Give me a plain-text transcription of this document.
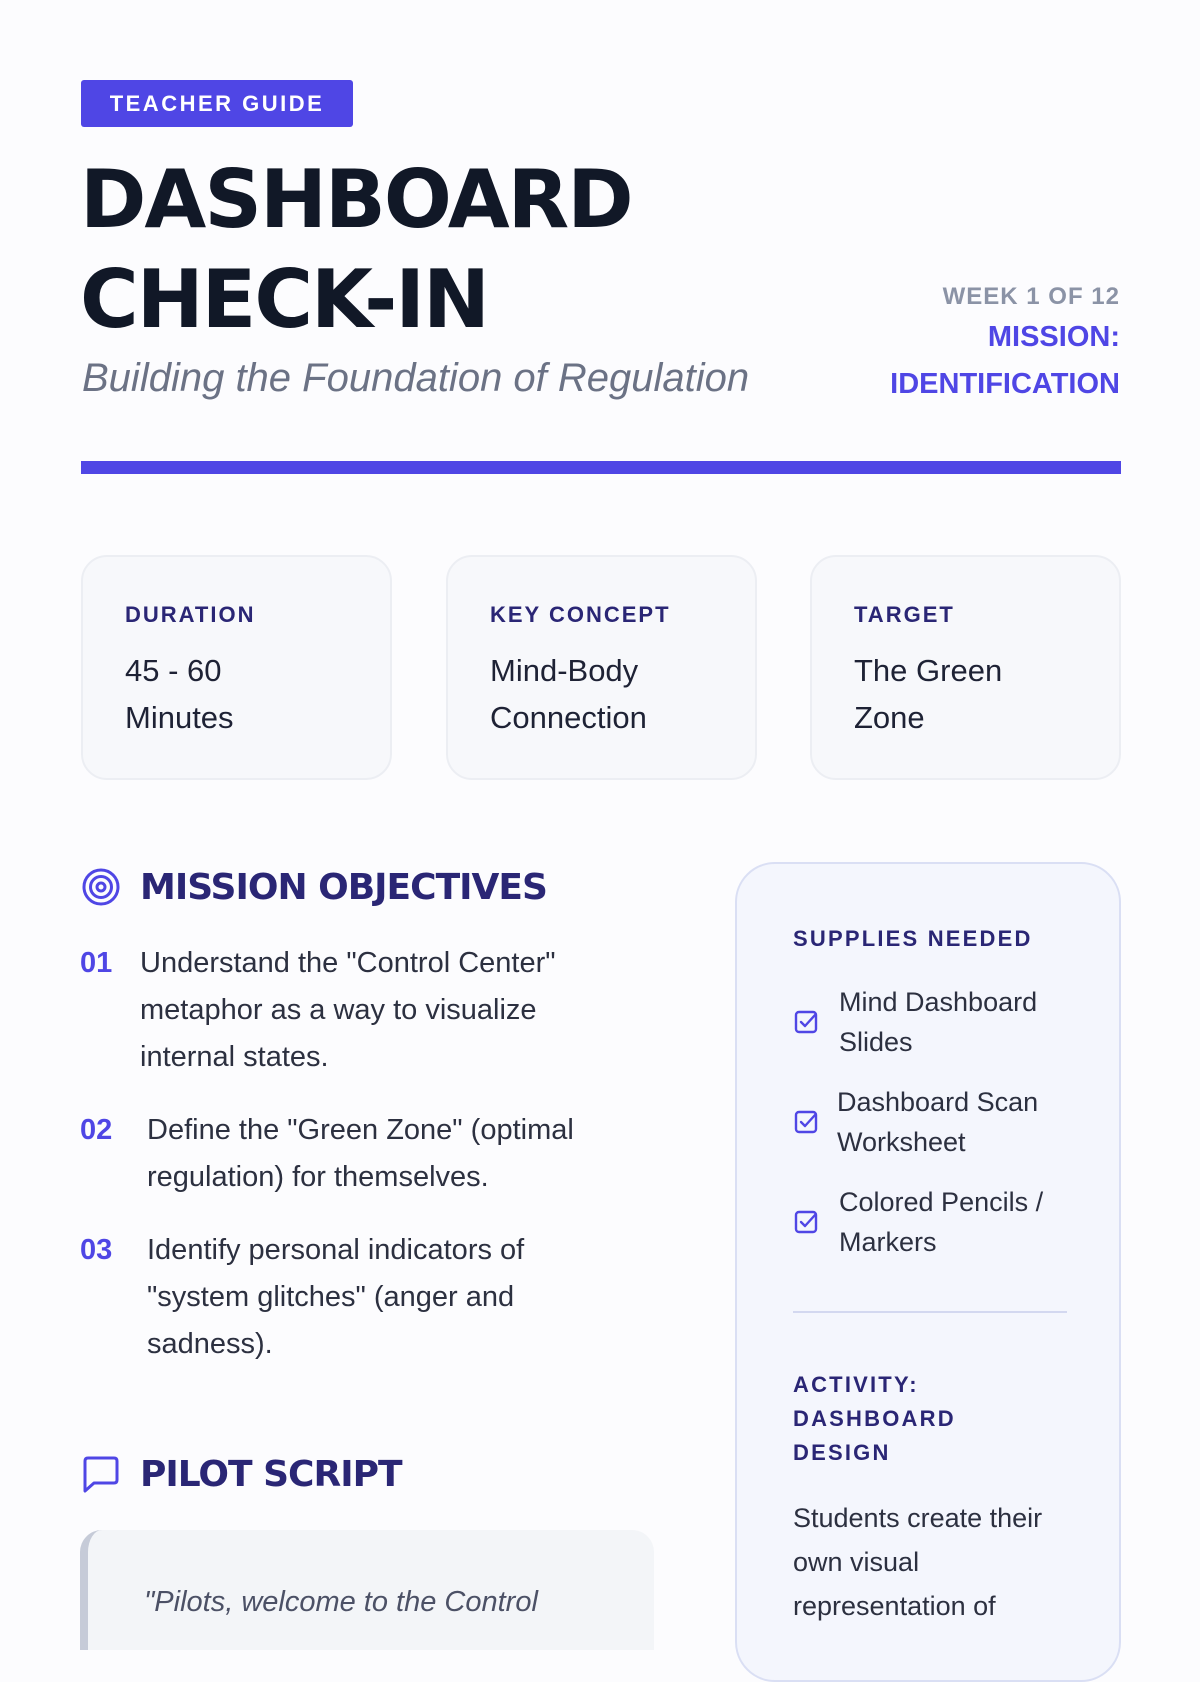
TEACHER GUIDE
DASHBOARD
CHECK-IN
Building the Foundation of Regulation
WEEK 1 OF 12
MISSION:
IDENTIFICATION
DURATION
45 - 60
Minutes
KEY CONCEPT
Mind-Body
Connection
TARGET
The Green
Zone
MISSION OBJECTIVES
01 Understand the "Control Center"
metaphor as a way to visualize
internal states.
02	Define the "Green Zone" (optimal
regulation) for themselves.
03	Identify personal indicators of
"system glitches" (anger and
sadness).
PILOT SCRIPT
"Pilots, welcome to the Control
SUPPLIES NEEDED
Mind Dashboard
Slides
Dashboard Scan
Worksheet
Colored Pencils /
Markers
ACTIVITY:
DASHBOARD
DESIGN
Students create their
own visual
representation of
